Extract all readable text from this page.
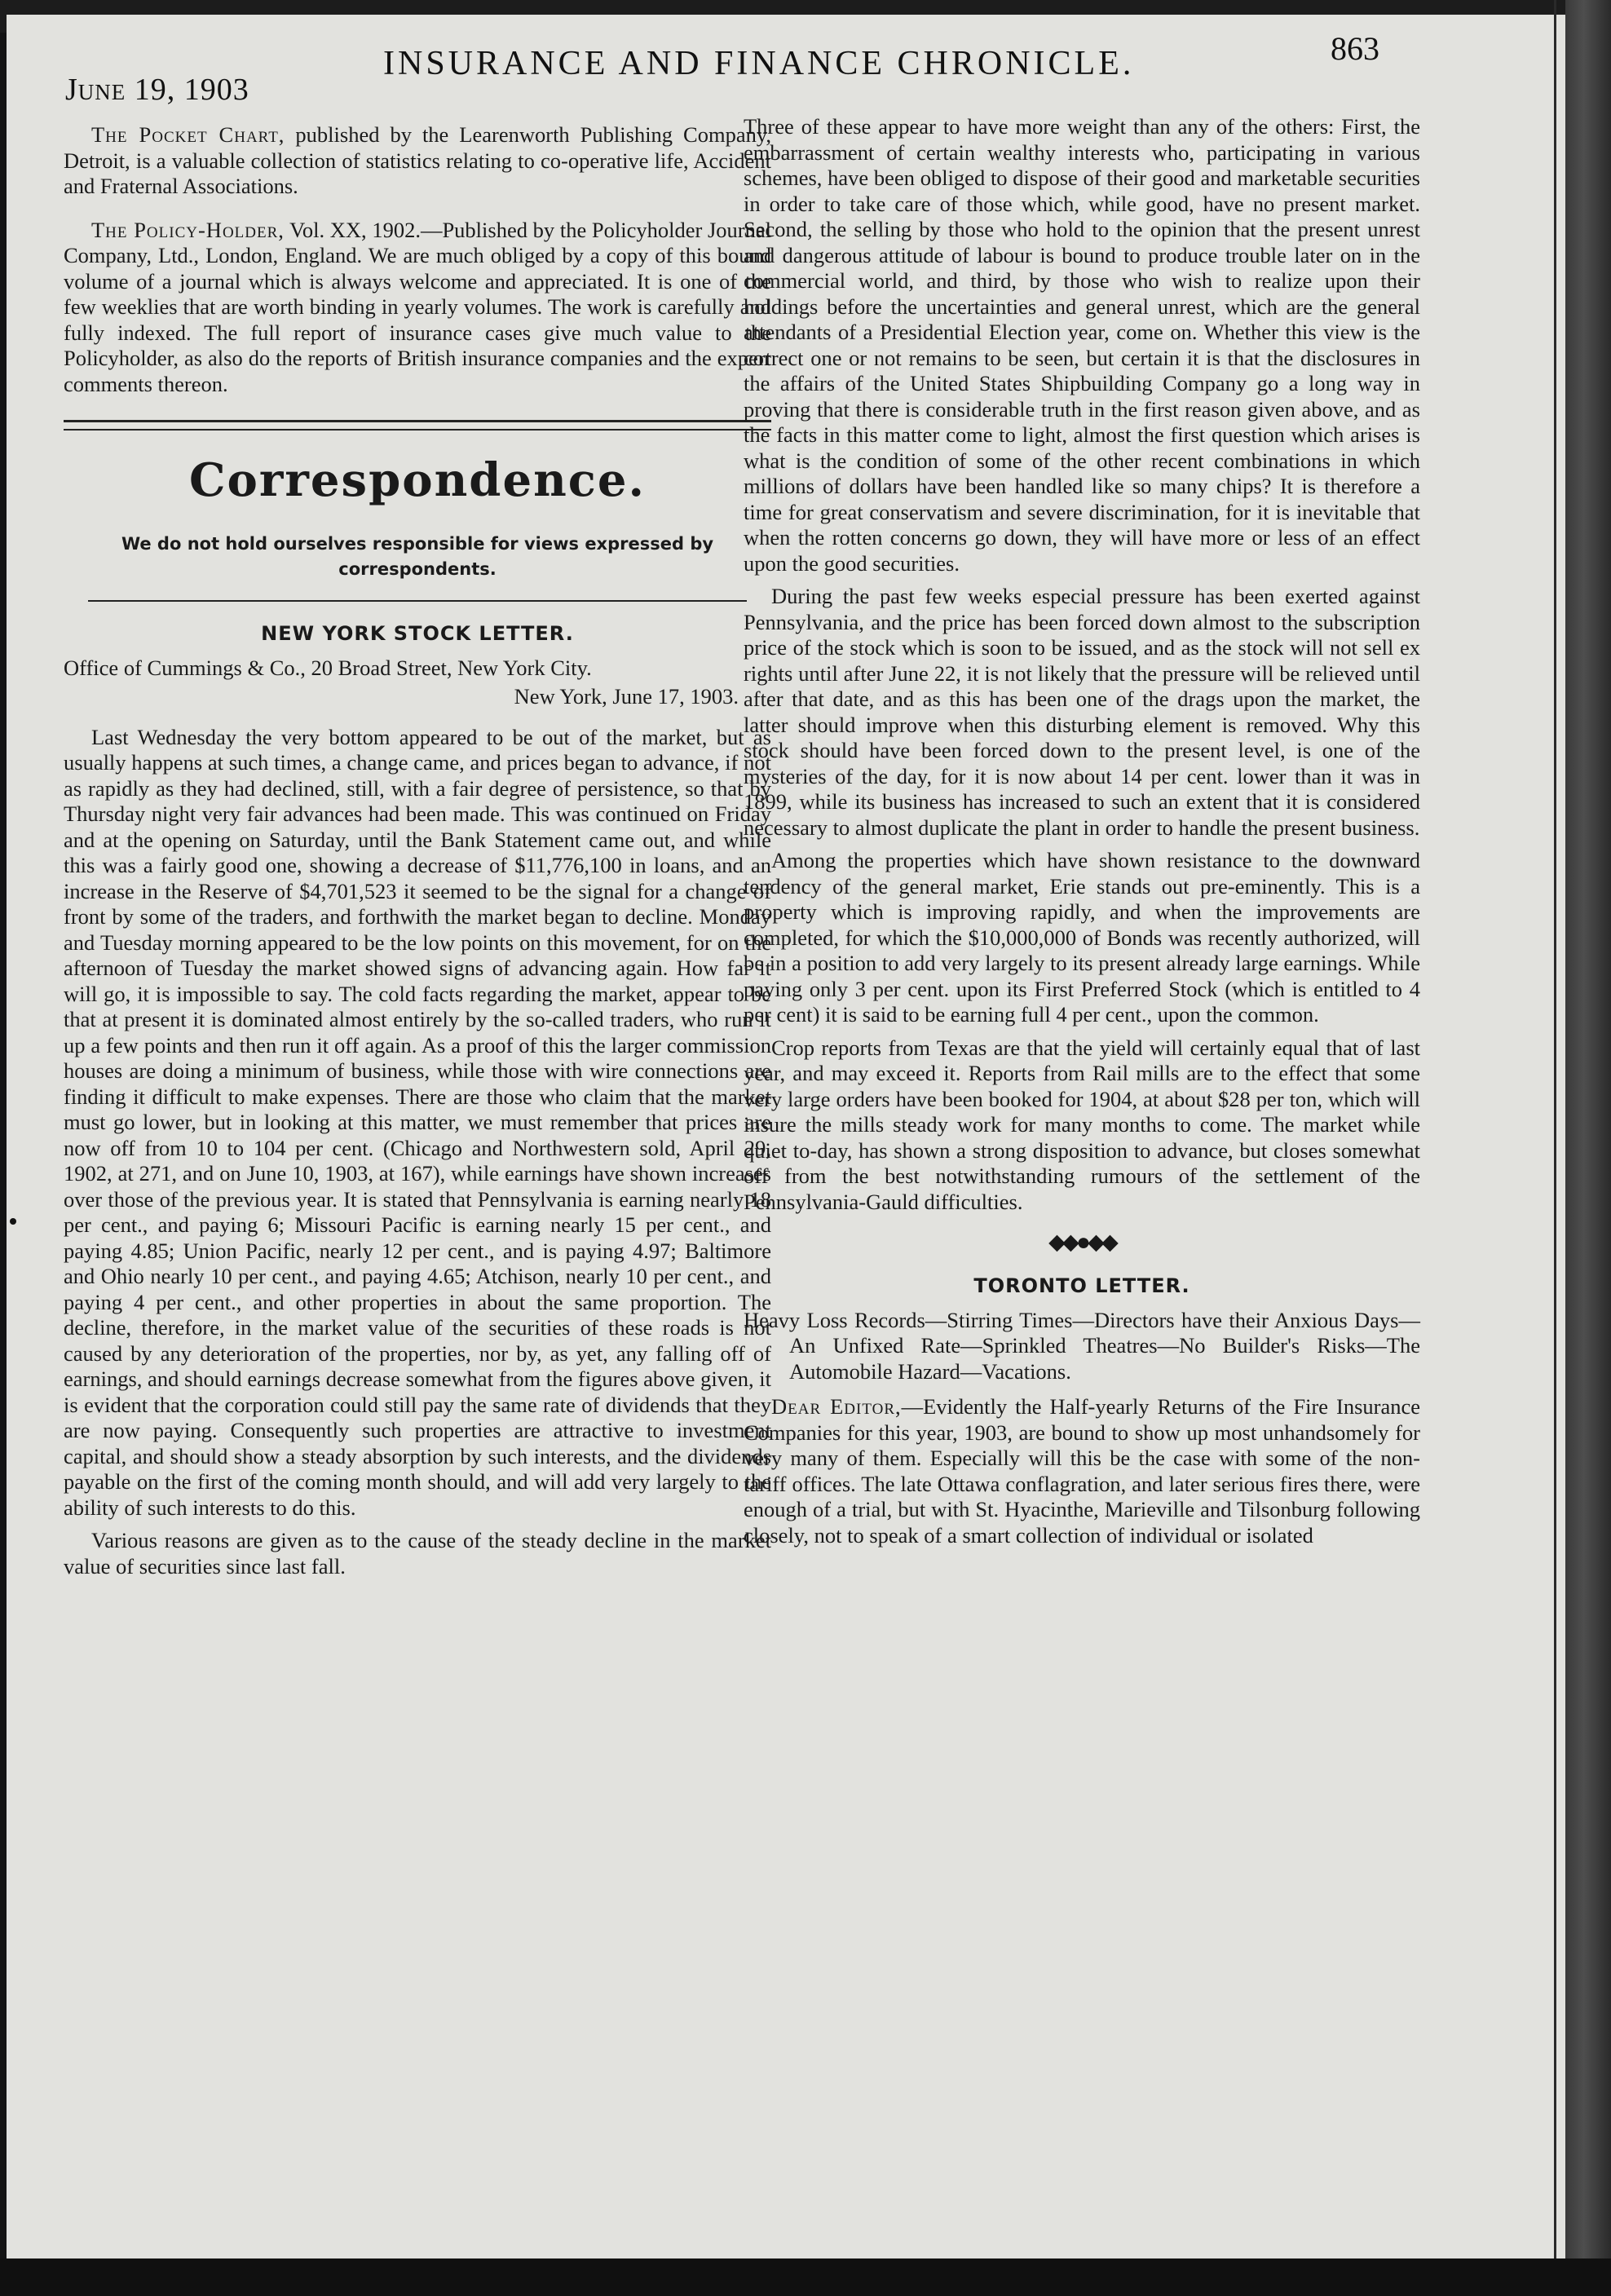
June 19, 1903
INSURANCE AND FINANCE CHRONICLE.	863

The Pocket Chart, published by the Learenworth Publishing Company, Detroit, is a valuable collection of statistics relating to co-operative life, Accident and Fraternal Associations.

The Policy-Holder, Vol. XX, 1902.—Published by the Policyholder Journal Company, Ltd., London, England. We are much obliged by a copy of this bound volume of a journal which is always welcome and appreciated. It is one of the few weeklies that are worth binding in yearly volumes. The work is carefully and fully indexed. The full report of insurance cases give much value to the Policyholder, as also do the reports of British insurance companies and the expert comments thereon.

Correspondence.
We do not hold ourselves responsible for views expressed by correspondents.
NEW YORK STOCK LETTER.

Office of Cummings & Co., 20 Broad Street, New York City.

New York, June 17, 1903.

Last Wednesday the very bottom appeared to be out of the market, but as usually happens at such times, a change came, and prices began to advance, if not as rapidly as they had declined, still, with a fair degree of persistence, so that by Thursday night very fair advances had been made. This was continued on Friday and at the opening on Saturday, until the Bank Statement came out, and while this was a fairly good one, showing a decrease of $11,776,100 in loans, and an increase in the Reserve of $4,701,523 it seemed to be the signal for a change of front by some of the traders, and forthwith the market began to decline. Monday and Tuesday morning appeared to be the low points on this movement, for on the afternoon of Tuesday the market showed signs of advancing again. How far it will go, it is impossible to say. The cold facts regarding the market, appear to be that at present it is dominated almost entirely by the so-called traders, who run it up a few points and then run it off again. As a proof of this the larger commission houses are doing a minimum of business, while those with wire connections are finding it difficult to make expenses. There are those who claim that the market must go lower, but in looking at this matter, we must remember that prices are now off from 10 to 104 per cent. (Chicago and Northwestern sold, April 29, 1902, at 271, and on June 10, 1903, at 167), while earnings have shown increases over those of the previous year. It is stated that Pennsylvania is earning nearly 18 per cent., and paying 6; Missouri Pacific is earning nearly 15 per cent., and paying 4.85; Union Pacific, nearly 12 per cent., and is paying 4.97; Baltimore and Ohio nearly 10 per cent., and paying 4.65; Atchison, nearly 10 per cent., and paying 4 per cent., and other properties in about the same proportion. The decline, therefore, in the market value of the securities of these roads is not caused by any deterioration of the properties, nor by, as yet, any falling off of earnings, and should earnings decrease somewhat from the figures above given, it is evident that the corporation could still pay the same rate of dividends that they are now paying. Consequently such properties are attractive to investment capital, and should show a steady absorption by such interests, and the dividends payable on the first of the coming month should, and will add very largely to the ability of such interests to do this.

Various reasons are given as to the cause of the steady decline in the market value of securities since last fall.

Three of these appear to have more weight than any of the others: First, the embarrassment of certain wealthy interests who, participating in various schemes, have been obliged to dispose of their good and marketable securities in order to take care of those which, while good, have no present market. Second, the selling by those who hold to the opinion that the present unrest and dangerous attitude of labour is bound to produce trouble later on in the commercial world, and third, by those who wish to realize upon their holdings before the uncertainties and general unrest, which are the general attendants of a Presidential Election year, come on. Whether this view is the correct one or not remains to be seen, but certain it is that the disclosures in the affairs of the United States Shipbuilding Company go a long way in proving that there is considerable truth in the first reason given above, and as the facts in this matter come to light, almost the first question which arises is what is the condition of some of the other recent combinations in which millions of dollars have been handled like so many chips? It is therefore a time for great conservatism and severe discrimination, for it is inevitable that when the rotten concerns go down, they will have more or less of an effect upon the good securities.

During the past few weeks especial pressure has been exerted against Pennsylvania, and the price has been forced down almost to the subscription price of the stock which is soon to be issued, and as the stock will not sell ex rights until after June 22, it is not likely that the pressure will be relieved until after that date, and as this has been one of the drags upon the market, the latter should improve when this disturbing element is removed. Why this stock should have been forced down to the present level, is one of the mysteries of the day, for it is now about 14 per cent. lower than it was in 1899, while its business has increased to such an extent that it is considered necessary to almost duplicate the plant in order to handle the present business.

Among the properties which have shown resistance to the downward tendency of the general market, Erie stands out pre-eminently. This is a property which is improving rapidly, and when the improvements are completed, for which the $10,000,000 of Bonds was recently authorized, will be in a position to add very largely to its present already large earnings. While paying only 3 per cent. upon its First Preferred Stock (which is entitled to 4 per cent) it is said to be earning full 4 per cent., upon the common.

Crop reports from Texas are that the yield will certainly equal that of last year, and may exceed it. Reports from Rail mills are to the effect that some very large orders have been booked for 1904, at about $28 per ton, which will insure the mills steady work for many months to come. The market while quiet to-day, has shown a strong disposition to advance, but closes somewhat off from the best notwithstanding rumours of the settlement of the Pennsylvania-Gauld difficulties.

⬥⬥●⬥⬥
TORONTO LETTER.

Heavy Loss Records—Stirring Times—Directors have their Anxious Days—An Unfixed Rate—Sprinkled Theatres—No Builder's Risks—The Automobile Hazard—Vacations.

Dear Editor,—Evidently the Half-yearly Returns of the Fire Insurance Companies for this year, 1903, are bound to show up most unhandsomely for very many of them. Especially will this be the case with some of the non-tariff offices. The late Ottawa conflagration, and later serious fires there, were enough of a trial, but with St. Hyacinthe, Marieville and Tilsonburg following closely, not to speak of a smart collection of individual or isolated
